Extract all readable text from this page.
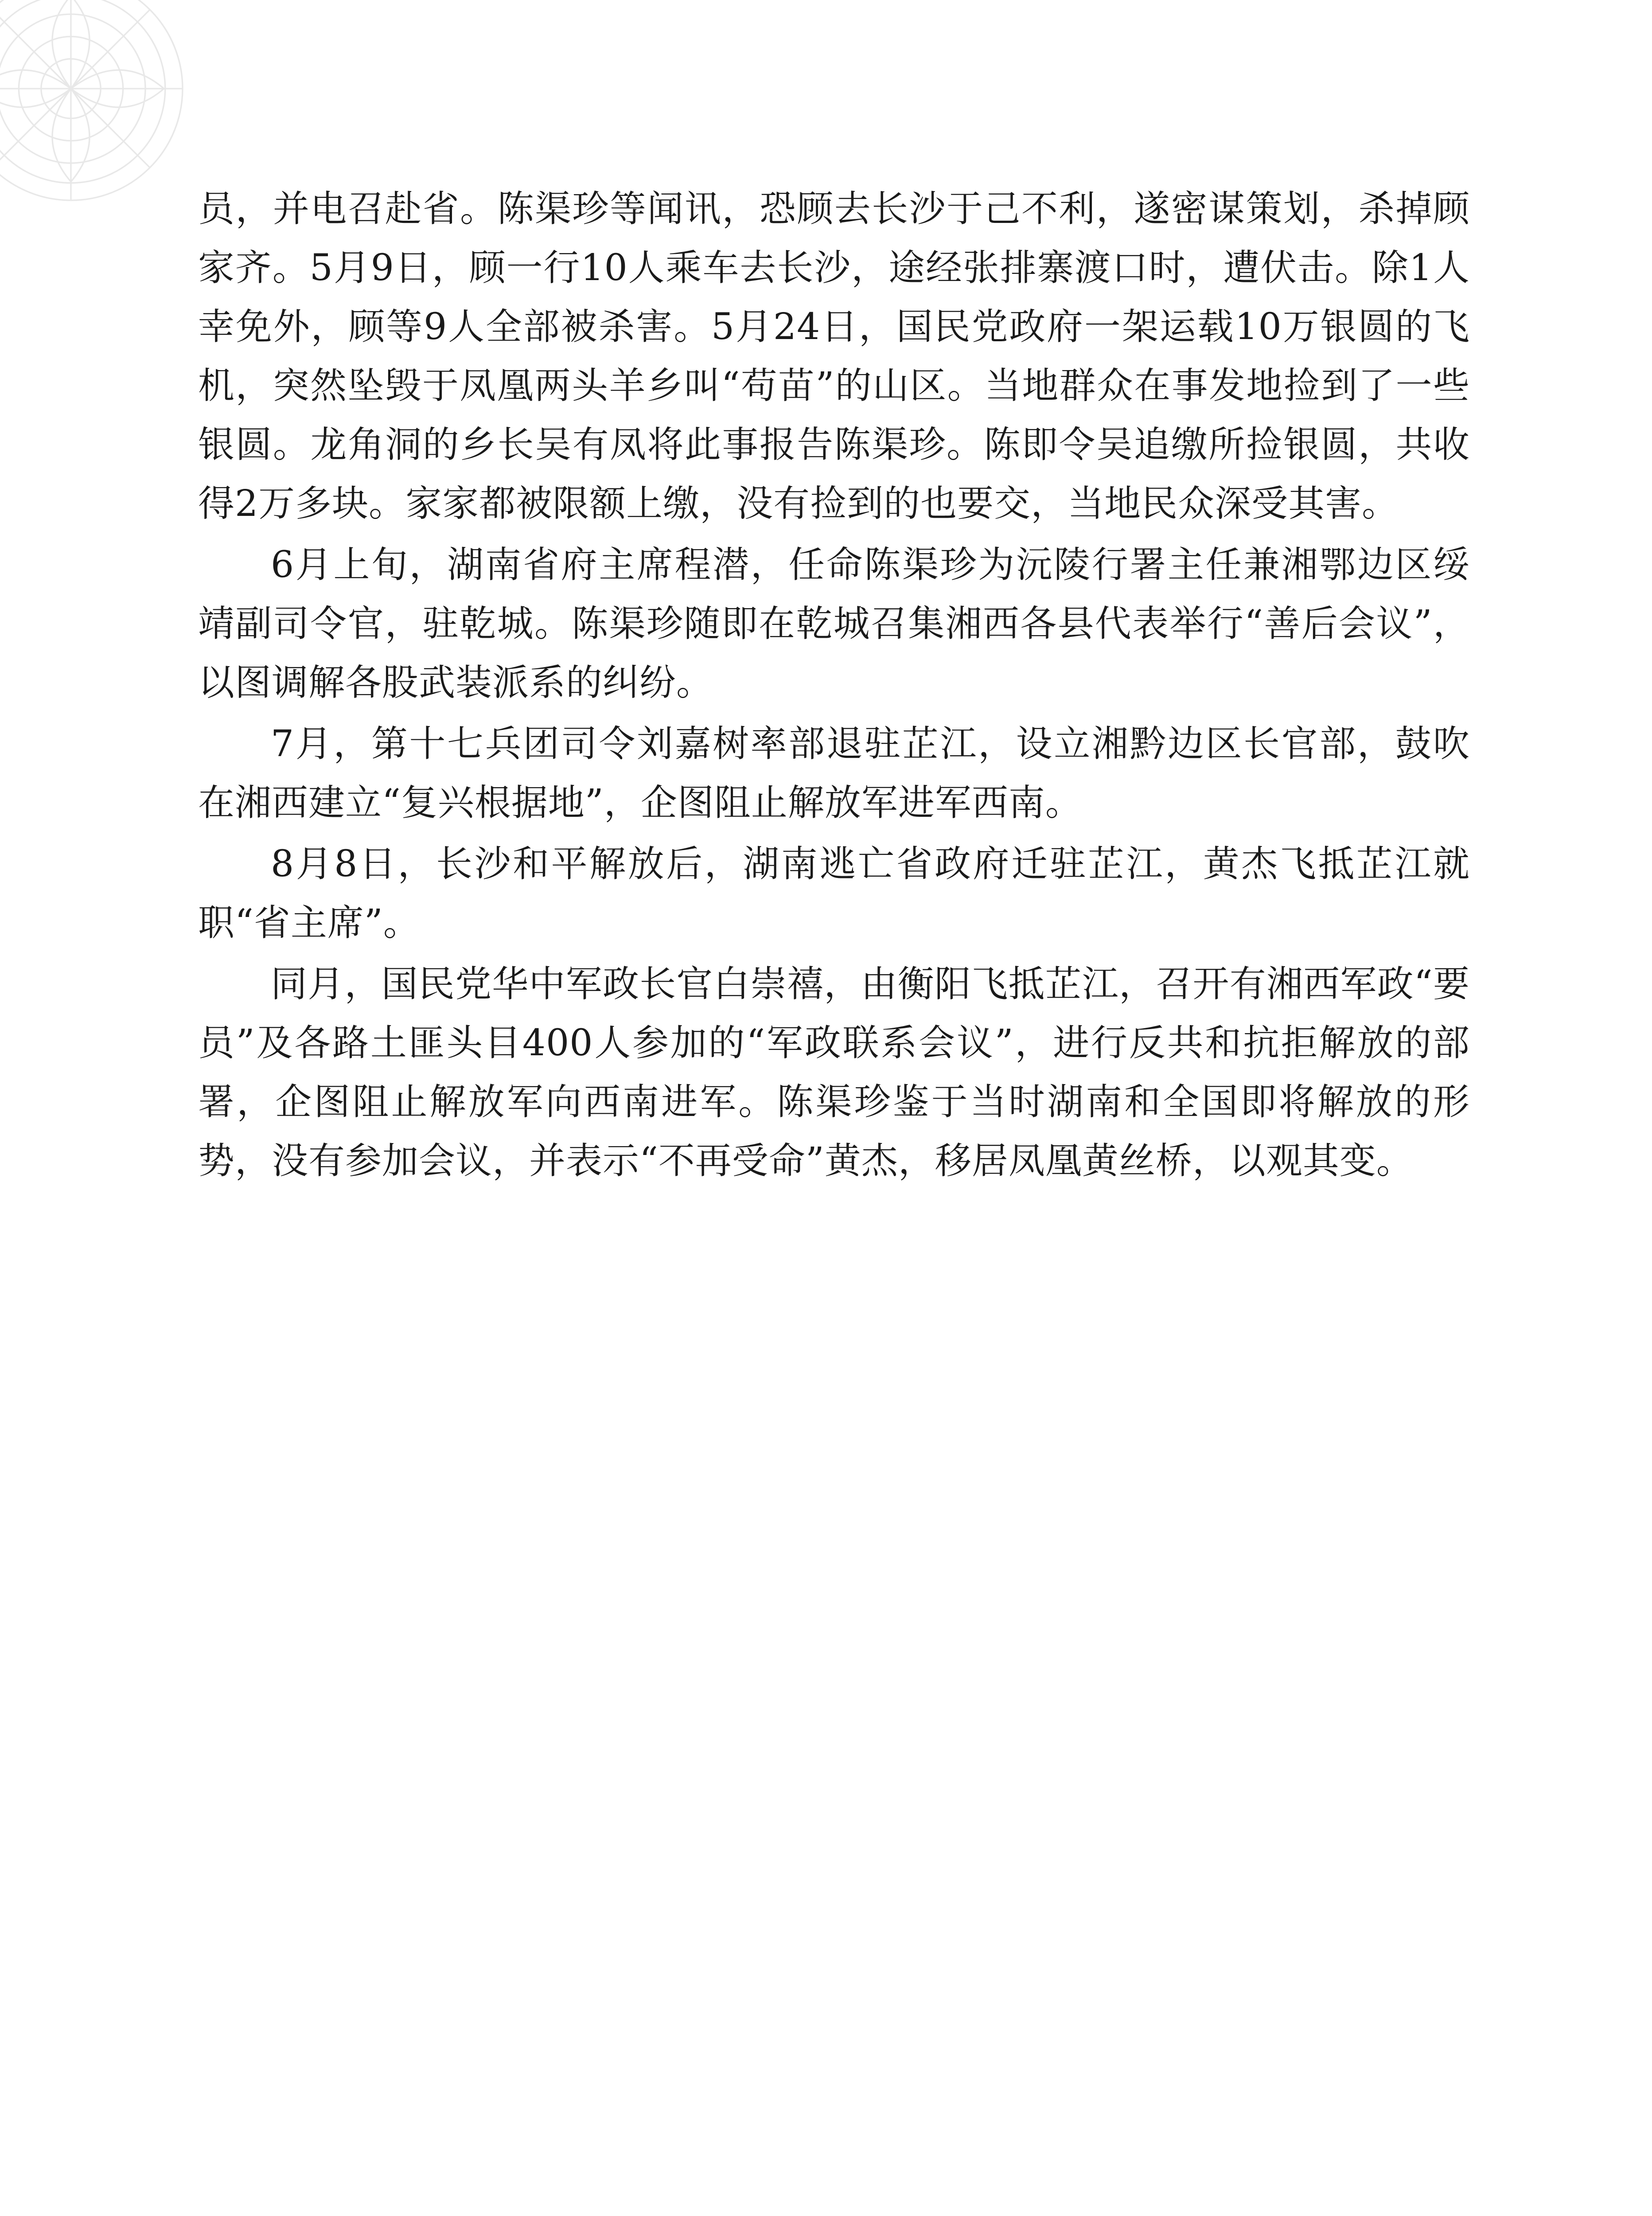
员，并电召赴省。陈渠珍等闻讯，恐顾去长沙于己不利，遂密谋策划，杀掉顾家齐。5月9日，顾一行10人乘车去长沙，途经张排寨渡口时，遭伏击。除1人幸免外，顾等9人全部被杀害。5月24日，国民党政府一架运载10万银圆的飞机，突然坠毁于凤凰两头羊乡叫“苟苗”的山区。当地群众在事发地捡到了一些银圆。龙角洞的乡长吴有凤将此事报告陈渠珍。陈即令吴追缴所捡银圆，共收得2万多块。家家都被限额上缴，没有捡到的也要交，当地民众深受其害。

6月上旬，湖南省府主席程潜，任命陈渠珍为沅陵行署主任兼湘鄂边区绥靖副司令官，驻乾城。陈渠珍随即在乾城召集湘西各县代表举行“善后会议”，以图调解各股武装派系的纠纷。

7月，第十七兵团司令刘嘉树率部退驻芷江，设立湘黔边区长官部，鼓吹在湘西建立“复兴根据地”，企图阻止解放军进军西南。

8月8日，长沙和平解放后，湖南逃亡省政府迁驻芷江，黄杰飞抵芷江就职“省主席”。

同月，国民党华中军政长官白崇禧，由衡阳飞抵芷江，召开有湘西军政“要员”及各路土匪头目400人参加的“军政联系会议”，进行反共和抗拒解放的部署，企图阻止解放军向西南进军。陈渠珍鉴于当时湖南和全国即将解放的形势，没有参加会议，并表示“不再受命”黄杰，移居凤凰黄丝桥，以观其变。
